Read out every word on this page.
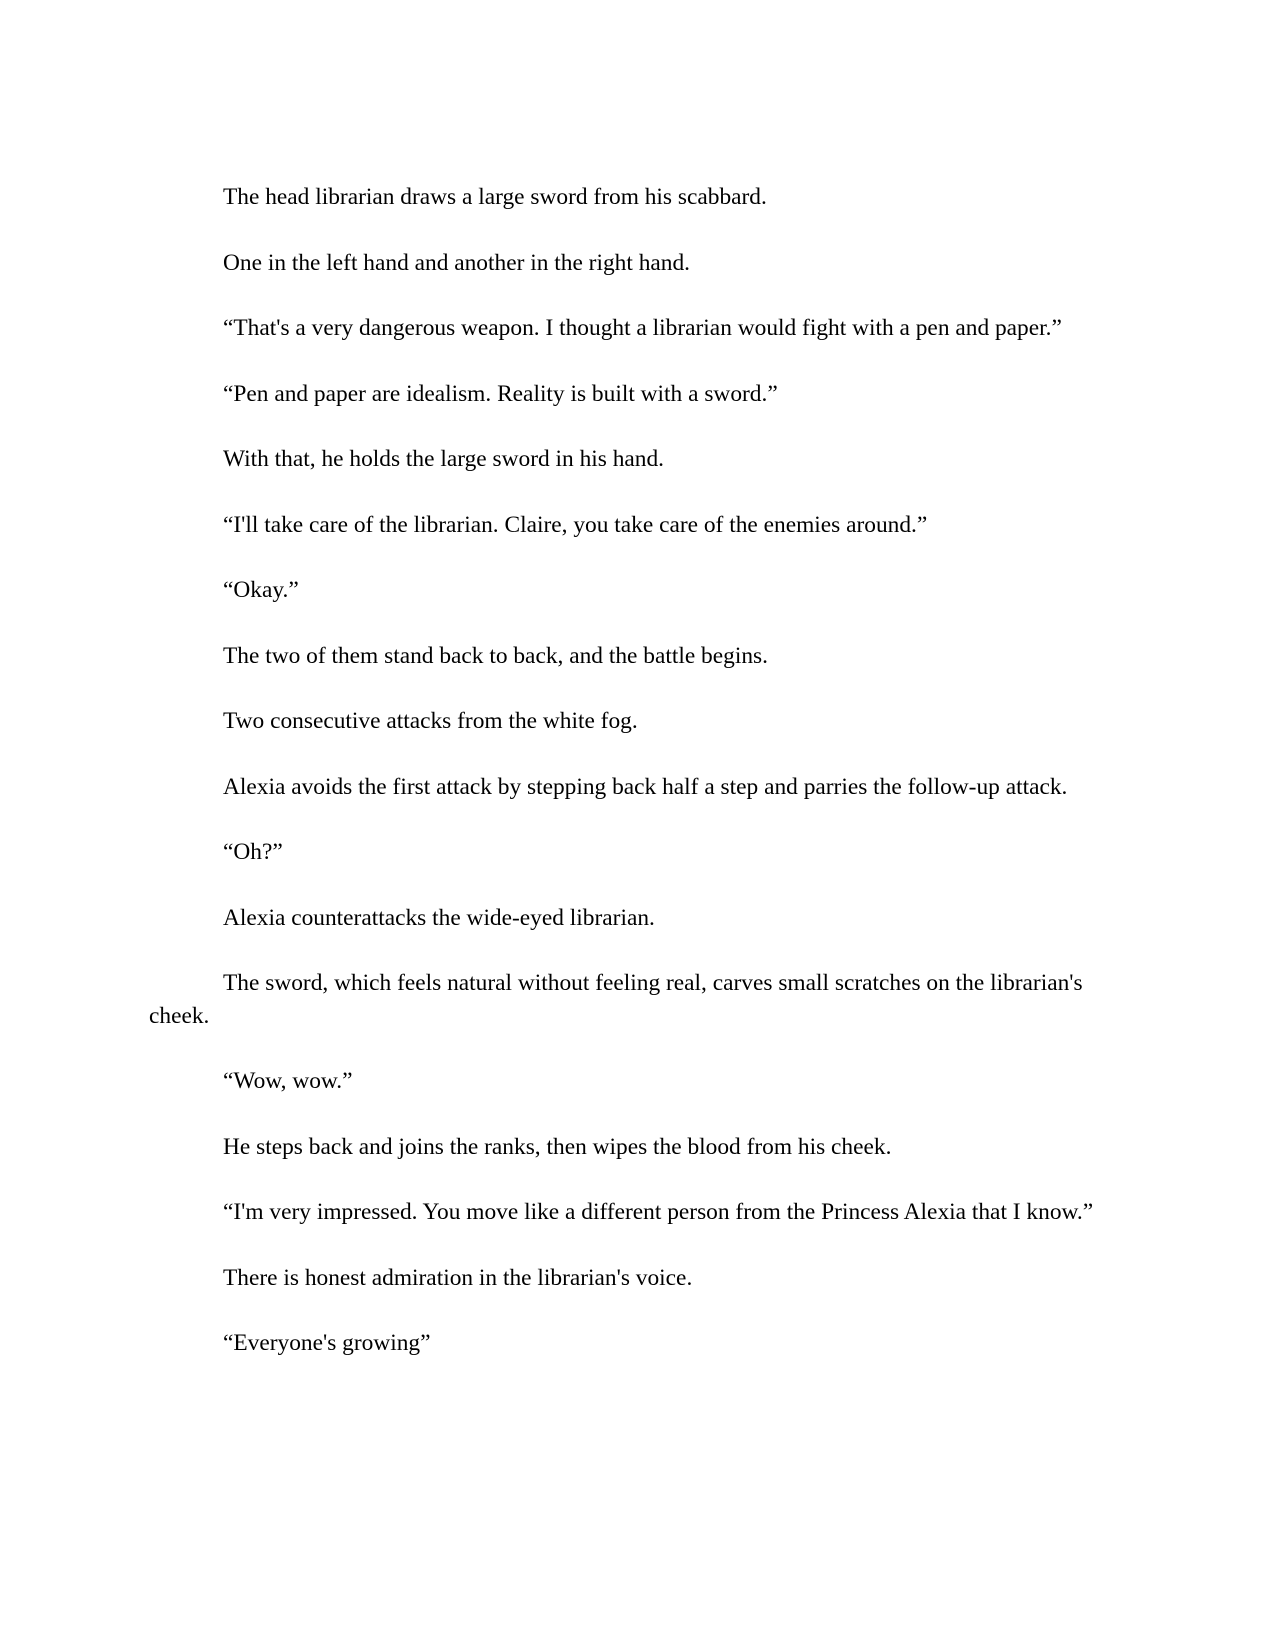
The head librarian draws a large sword from his scabbard.

One in the left hand and another in the right hand.

“That's a very dangerous weapon. I thought a librarian would fight with a pen and paper.”

“Pen and paper are idealism. Reality is built with a sword.”

With that, he holds the large sword in his hand.

“I'll take care of the librarian. Claire, you take care of the enemies around.”

“Okay.”

The two of them stand back to back, and the battle begins.

Two consecutive attacks from the white fog.

Alexia avoids the first attack by stepping back half a step and parries the follow-up attack.

“Oh?”

Alexia counterattacks the wide-eyed librarian.

The sword, which feels natural without feeling real, carves small scratches on the librarian's cheek.

“Wow, wow.”

He steps back and joins the ranks, then wipes the blood from his cheek.

“I'm very impressed. You move like a different person from the Princess Alexia that I know.”

There is honest admiration in the librarian's voice.

“Everyone's growing”
